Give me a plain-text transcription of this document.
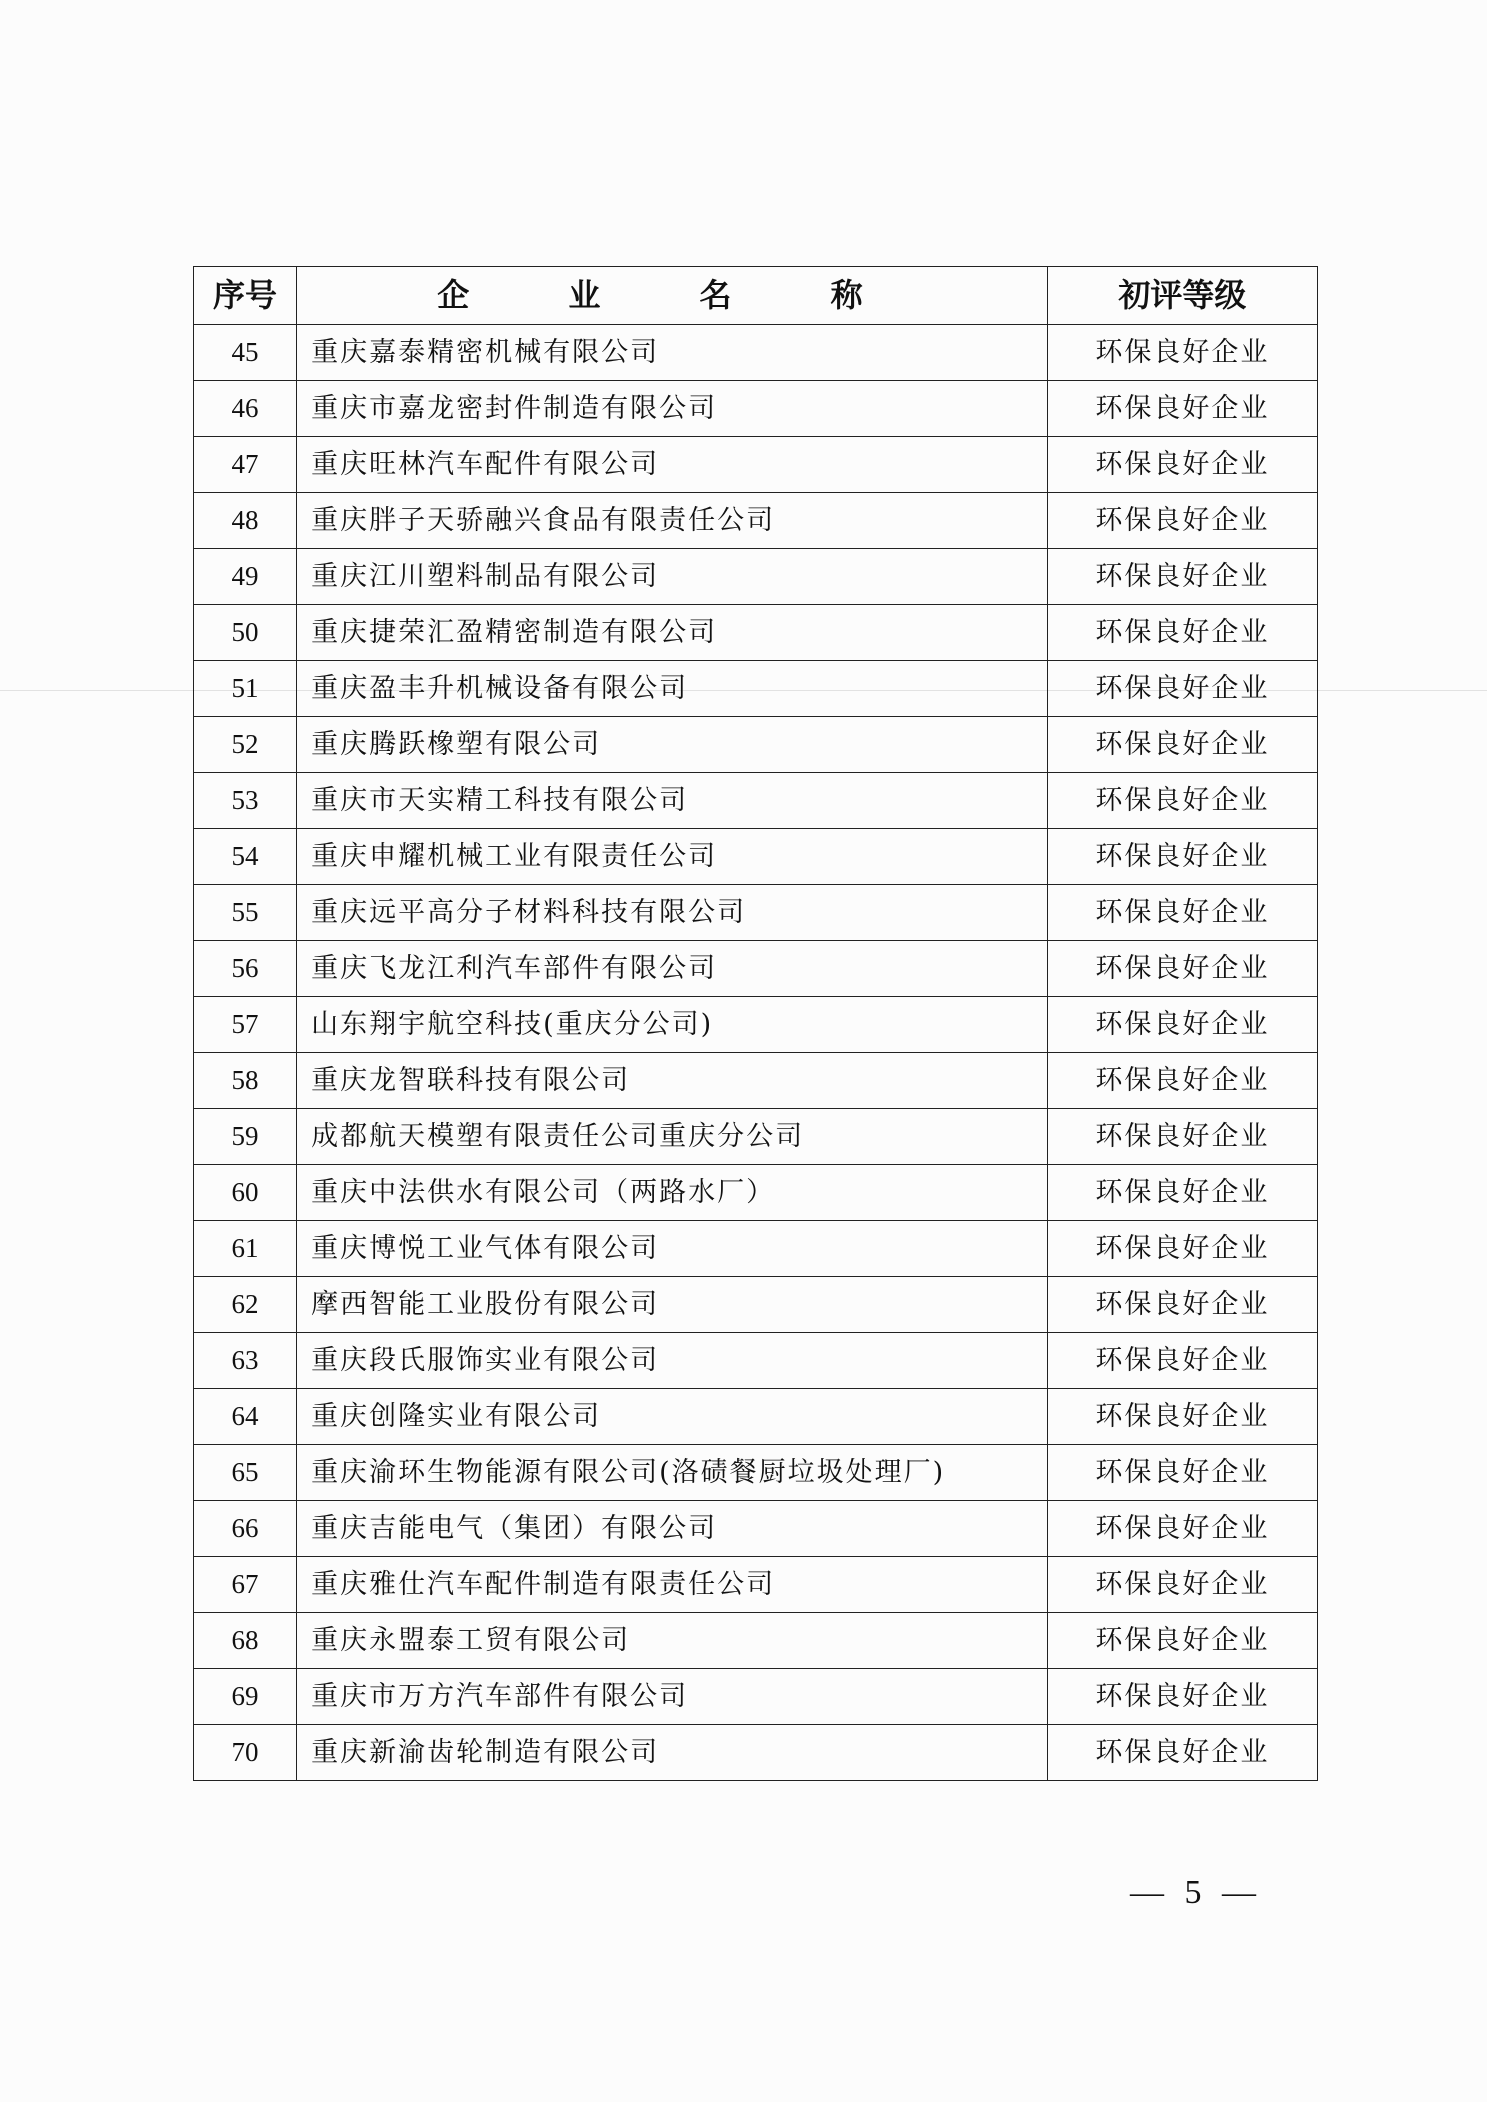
序号	企 业 名 称	初评等级
45	重庆嘉泰精密机械有限公司	环保良好企业
46	重庆市嘉龙密封件制造有限公司	环保良好企业
47	重庆旺林汽车配件有限公司	环保良好企业
48	重庆胖子天骄融兴食品有限责任公司	环保良好企业
49	重庆江川塑料制品有限公司	环保良好企业
50	重庆捷荣汇盈精密制造有限公司	环保良好企业
51	重庆盈丰升机械设备有限公司	环保良好企业
52	重庆腾跃橡塑有限公司	环保良好企业
53	重庆市天实精工科技有限公司	环保良好企业
54	重庆申耀机械工业有限责任公司	环保良好企业
55	重庆远平高分子材料科技有限公司	环保良好企业
56	重庆飞龙江利汽车部件有限公司	环保良好企业
57	山东翔宇航空科技(重庆分公司)	环保良好企业
58	重庆龙智联科技有限公司	环保良好企业
59	成都航天模塑有限责任公司重庆分公司	环保良好企业
60	重庆中法供水有限公司（两路水厂）	环保良好企业
61	重庆博悦工业气体有限公司	环保良好企业
62	摩西智能工业股份有限公司	环保良好企业
63	重庆段氏服饰实业有限公司	环保良好企业
64	重庆创隆实业有限公司	环保良好企业
65	重庆渝环生物能源有限公司(洛碛餐厨垃圾处理厂)	环保良好企业
66	重庆吉能电气（集团）有限公司	环保良好企业
67	重庆雅仕汽车配件制造有限责任公司	环保良好企业
68	重庆永盟泰工贸有限公司	环保良好企业
69	重庆市万方汽车部件有限公司	环保良好企业
70	重庆新渝齿轮制造有限公司	环保良好企业
— 5 —
